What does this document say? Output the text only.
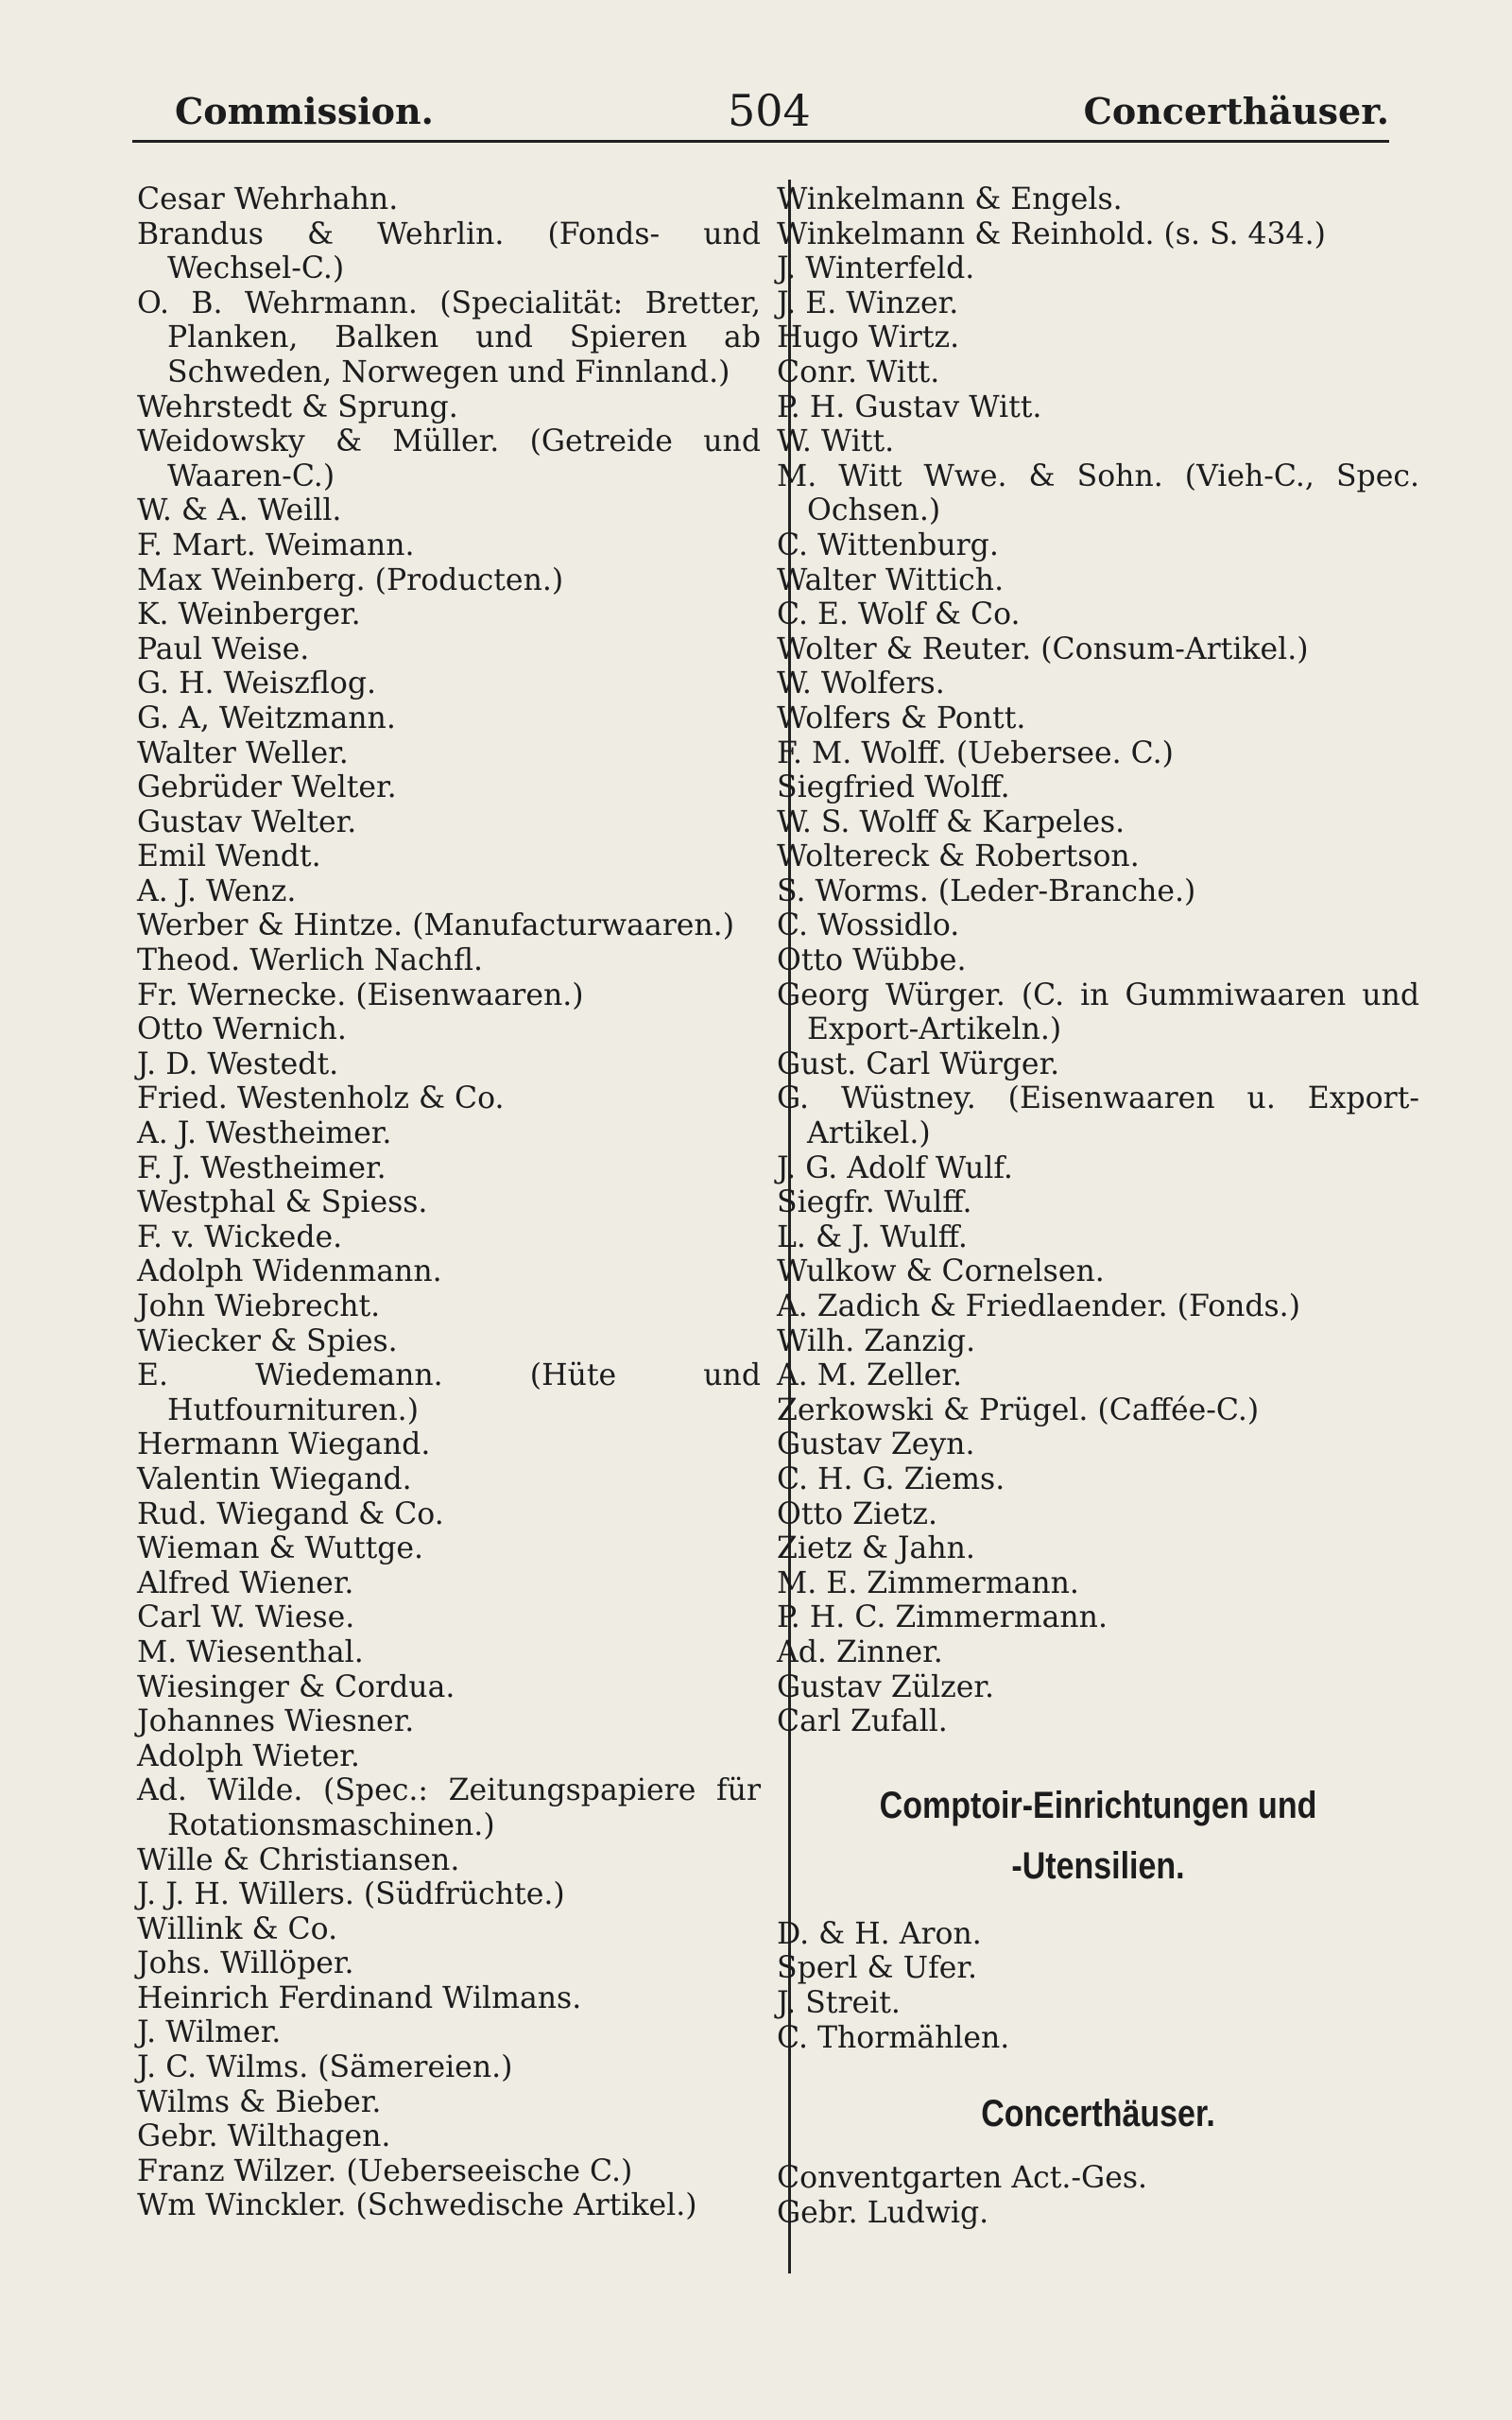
Commission.	504	Concerthäuser.
Cesar Wehrhahn.
Brandus & Wehrlin. (Fonds- und Wechsel-C.)
O. B. Wehrmann. (Specialität: Bretter, Planken, Balken und Spieren ab Schweden, Norwegen und Finnland.)
Wehrstedt & Sprung.
Weidowsky & Müller. (Getreide und Waaren-C.)
W. & A. Weill.
F. Mart. Weimann.
Max Weinberg. (Producten.)
K. Weinberger.
Paul Weise.
G. H. Weiszflog.
G. A, Weitzmann.
Walter Weller.
Gebrüder Welter.
Gustav Welter.
Emil Wendt.
A. J. Wenz.
Werber & Hintze. (Manufacturwaaren.)
Theod. Werlich Nachfl.
Fr. Wernecke. (Eisenwaaren.)
Otto Wernich.
J. D. Westedt.
Fried. Westenholz & Co.
A. J. Westheimer.
F. J. Westheimer.
Westphal & Spiess.
F. v. Wickede.
Adolph Widenmann.
John Wiebrecht.
Wiecker & Spies.
E. Wiedemann. (Hüte und Hutfournituren.)
Hermann Wiegand.
Valentin Wiegand.
Rud. Wiegand & Co.
Wieman & Wuttge.
Alfred Wiener.
Carl W. Wiese.
M. Wiesenthal.
Wiesinger & Cordua.
Johannes Wiesner.
Adolph Wieter.
Ad. Wilde. (Spec.: Zeitungspapiere für Rotationsmaschinen.)
Wille & Christiansen.
J. J. H. Willers. (Südfrüchte.)
Willink & Co.
Johs. Willöper.
Heinrich Ferdinand Wilmans.
J. Wilmer.
J. C. Wilms. (Sämereien.)
Wilms & Bieber.
Gebr. Wilthagen.
Franz Wilzer. (Ueberseeische C.)
Wm Winckler. (Schwedische Artikel.)
Winkelmann & Engels.
Winkelmann & Reinhold. (s. S. 434.)
J. Winterfeld.
J. E. Winzer.
Hugo Wirtz.
Conr. Witt.
P. H. Gustav Witt.
W. Witt.
M. Witt Wwe. & Sohn. (Vieh-C., Spec. Ochsen.)
C. Wittenburg.
Walter Wittich.
C. E. Wolf & Co.
Wolter & Reuter. (Consum-Artikel.)
W. Wolfers.
Wolfers & Pontt.
F. M. Wolff. (Uebersee. C.)
Siegfried Wolff.
W. S. Wolff & Karpeles.
Woltereck & Robertson.
S. Worms. (Leder-Branche.)
C. Wossidlo.
Otto Wübbe.
Georg Würger. (C. in Gummiwaaren und Export-Artikeln.)
Gust. Carl Würger.
G. Wüstney. (Eisenwaaren u. Export-Artikel.)
J. G. Adolf Wulf.
Siegfr. Wulff.
L. & J. Wulff.
Wulkow & Cornelsen.
A. Zadich & Friedlaender. (Fonds.)
Wilh. Zanzig.
A. M. Zeller.
Zerkowski & Prügel. (Caffée-C.)
Gustav Zeyn.
C. H. G. Ziems.
Otto Zietz.
Zietz & Jahn.
M. E. Zimmermann.
P. H. C. Zimmermann.
Ad. Zinner.
Gustav Zülzer.
Carl Zufall.
Comptoir-Einrichtungen und
-Utensilien.
D. & H. Aron.
Sperl & Ufer.
J. Streit.
C. Thormählen.
Concerthäuser.
Conventgarten Act.-Ges.
Gebr. Ludwig.
